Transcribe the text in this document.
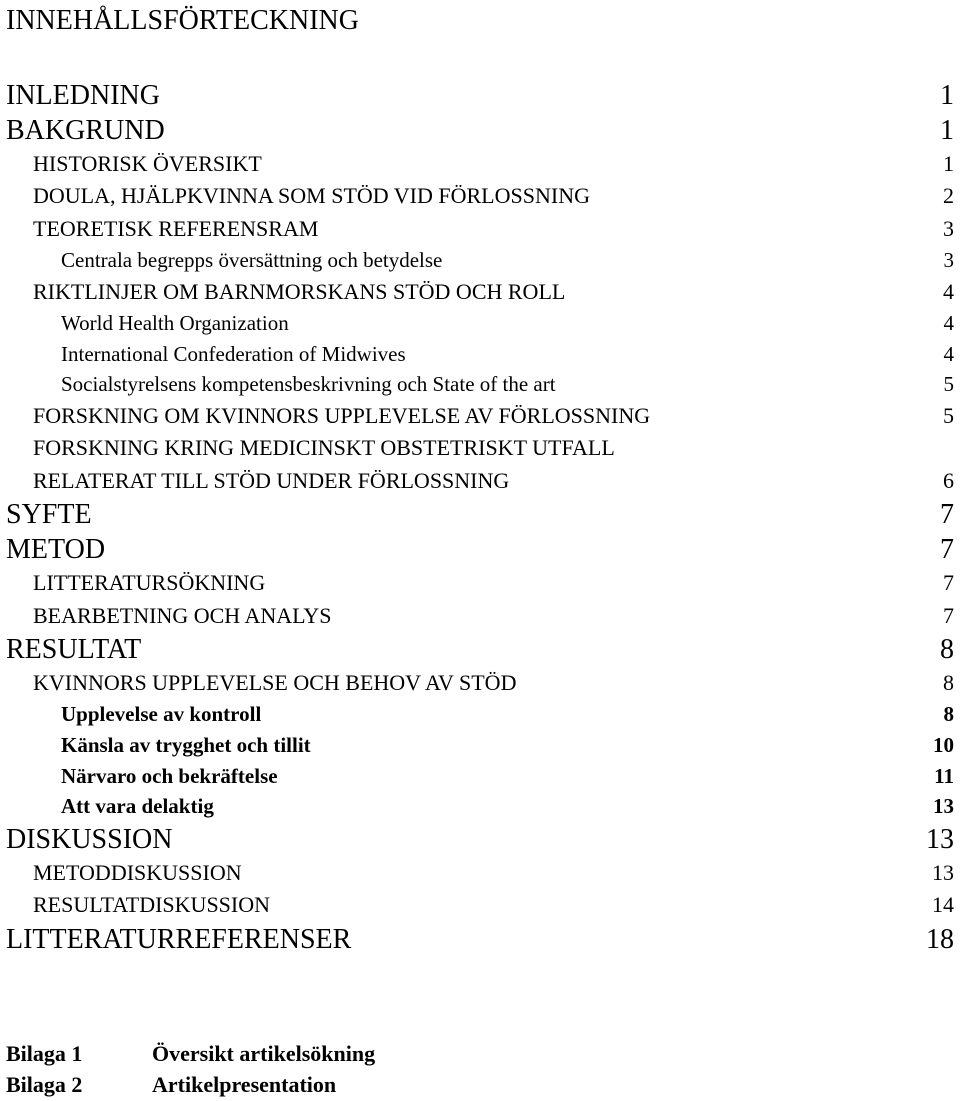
INNEHÅLLSFÖRTECKNING
INLEDNING	1
BAKGRUND	1
HISTORISK ÖVERSIKT	1
DOULA, HJÄLPKVINNA SOM STÖD VID FÖRLOSSNING	2
TEORETISK REFERENSRAM	3
Centrala begrepps översättning och betydelse	3
RIKTLINJER OM BARNMORSKANS STÖD OCH ROLL	4
World Health Organization	4
International Confederation of Midwives	4
Socialstyrelsens kompetensbeskrivning och State of the art	5
FORSKNING OM KVINNORS UPPLEVELSE AV FÖRLOSSNING	5
FORSKNING KRING MEDICINSKT OBSTETRISKT UTFALL
RELATERAT TILL STÖD UNDER FÖRLOSSNING	6
SYFTE	7
METOD	7
LITTERATURSÖKNING	7
BEARBETNING OCH ANALYS	7
RESULTAT	8
KVINNORS UPPLEVELSE OCH BEHOV AV STÖD	8
Upplevelse av kontroll	8
Känsla av trygghet och tillit	10
Närvaro och bekräftelse	11
Att vara delaktig	13
DISKUSSION	13
METODDISKUSSION	13
RESULTATDISKUSSION	14
LITTERATURREFERENSER	18
Bilaga 1	Översikt artikelsökning
Bilaga 2	Artikelpresentation
